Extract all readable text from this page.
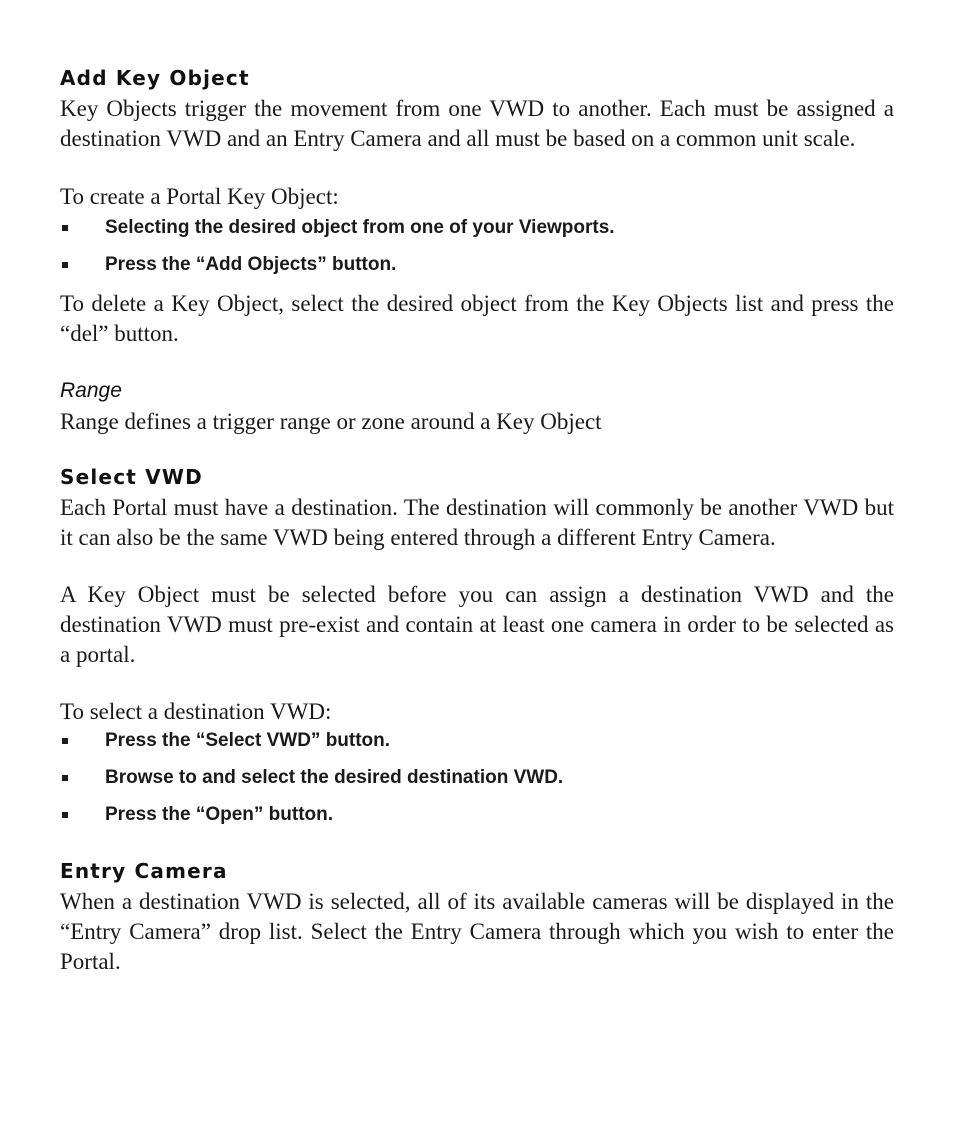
Add Key Object

Key Objects trigger the movement from one VWD to another. Each must be assigned a destination VWD and an Entry Camera and all must be based on a common unit scale.

To create a Portal Key Object:

Selecting the desired object from one of your Viewports.
Press the “Add Objects” button.

To delete a Key Object, select the desired object from the Key Objects list and press the “del” button.

Range

Range defines a trigger range or zone around a Key Object

Select VWD

Each Portal must have a destination. The destination will commonly be another VWD but it can also be the same VWD being entered through a different Entry Camera.

A Key Object must be selected before you can assign a destination VWD and the destination VWD must pre-exist and contain at least one camera in order to be selected as a portal.

To select a destination VWD:

Press the “Select VWD” button.
Browse to and select the desired destination VWD.
Press the “Open” button.
Entry Camera

When a destination VWD is selected, all of its available cameras will be displayed in the “Entry Camera” drop list. Select the Entry Camera through which you wish to enter the Portal.
